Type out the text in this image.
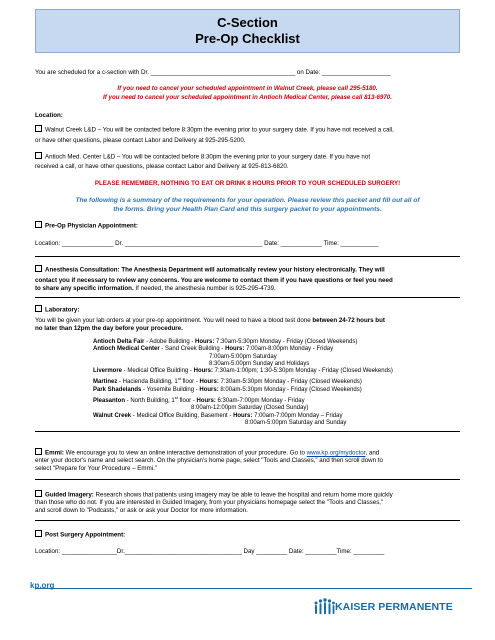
C-Section
Pre-Op Checklist
You are scheduled for a c-section with Dr. __________________________________________ on Date: ____________________
If you need to cancel your scheduled appointment in Walnut Creek, please call 295-5180.
If you need to cancel your scheduled appointment in Antioch Medical Center, please call 813-6970.
Location:
Walnut Creek L&D – You will be contacted before 8:30pm the evening prior to your surgery date. If you have not received a call,
or have other questions, please contact Labor and Delivery at 925-295-5200.
Antioch Med. Center L&D – You will be contacted before 8:30pm the evening prior to your surgery date. If you have not
received a call, or have other questions, please contact Labor and Delivery at 925-813-6820.
PLEASE REMEMBER, NOTHING TO EAT OR DRINK 8 HOURS PRIOR TO YOUR SCHEDULED SURGERY!
The following is a summary of the requirements for your operation. Please review this packet and fill out all of
the forms. Bring your Health Plan Card and this surgery packet to your appointments.
Pre-Op Physician Appointment:
Location: _______________ Dr. ________________________________________ Date: ____________ Time: ___________
Anesthesia Consultation: The Anesthesia Department will automatically review your history electronically. They will
contact you if necessary to review any concerns. You are welcome to contact them if you have questions or feel you need
to share any specific information. If needed, the anesthesia number is 925-295-4739.
Laboratory:
You will be given your lab orders at your pre-op appointment. You will need to have a blood test done between 24-72 hours but
no later than 12pm the day before your procedure.
Antioch Delta Fair - Adobe Building - Hours: 7:30am-5:30pm Monday - Friday (Closed Weekends)
Antioch Medical Center - Sand Creek Building - Hours: 7:00am-8:00pm Monday - Friday
7:00am-5:00pm Saturday
8:30am-5:00pm Sunday and Holidays
Livermore - Medical Office Building - Hours: 7:30am-1:00pm; 1:30-5:30pm Monday - Friday (Closed Weekends)
Martinez - Hacienda Building, 1st floor - Hours: 7:30am-5:30pm Monday - Friday (Closed Weekends)
Park Shadelands - Yosemite Building - Hours: 8:00am-5:30pm Monday - Friday (Closed Weekends)
Pleasanton - North Building, 1st floor - Hours: 6:30am-7:00pm Monday - Friday
8:00am-12:00pm Saturday (Closed Sunday)
Walnut Creek - Medical Office Building, Basement - Hours: 7:00am-7:00pm Monday – Friday
8:00am-5:00pm Saturday and Sunday
Emmi: We encourage you to view an online interactive demonstration of your procedure. Go to www.kp.org/mydoctor, and
enter your doctor's name and select search. On the physician's home page, select "Tools and Classes," and then scroll down to
select "Prepare for Your Procedure – Emmi."
Guided Imagery: Research shows that patients using imagery may be able to leave the hospital and return home more quickly
than those who do not. If you are interested in Guided Imagery, from your physicians homepage select the "Tools and Classes,"
and scroll down to "Podcasts," or ask or ask your Doctor for more information.
Post Surgery Appointment:
Location: ________________Dr.__________________________________ Day _________ Date: _________Time: _________
kp.org
KAISER PERMANENTE
